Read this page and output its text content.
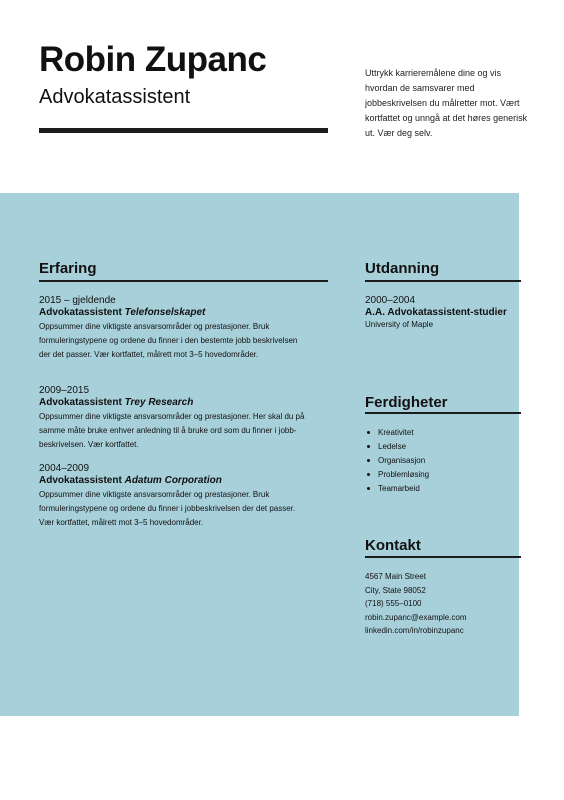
Robin Zupanc
Advokatassistent
Uttrykk karrieremålene dine og vis hvordan de samsvarer med jobbeskrivelsen du målretter mot. Vært kortfattet og unngå at det høres generisk ut. Vær deg selv.
Erfaring
2015 – gjeldende
Advokatassistent Telefonselskapet
Oppsummer dine viktigste ansvarsområder og prestasjoner. Bruk formuleringstypene og ordene du finner i den bestemte jobb beskrivelsen der det passer. Vær kortfattet, målrett mot 3–5 hovedområder.
2009–2015
Advokatassistent Trey Research
Oppsummer dine viktigste ansvarsområder og prestasjoner. Her skal du på samme måte bruke enhver anledning til å bruke ord som du finner i jobb-beskrivelsen. Vær kortfattet.
2004–2009
Advokatassistent Adatum Corporation
Oppsummer dine viktigste ansvarsområder og prestasjoner. Bruk formuleringstypene og ordene du finner i jobbeskrivelsen der det passer. Vær kortfattet, målrett mot 3–5 hovedområder.
Utdanning
2000–2004
A.A. Advokatassistent-studier
University of Maple
Ferdigheter
Kreativitet
Ledelse
Organisasjon
Problemløsing
Teamarbeid
Kontakt
4567 Main Street
City, State 98052
(718) 555–0100
robin.zupanc@example.com
linkedin.com/in/robinzupanc
